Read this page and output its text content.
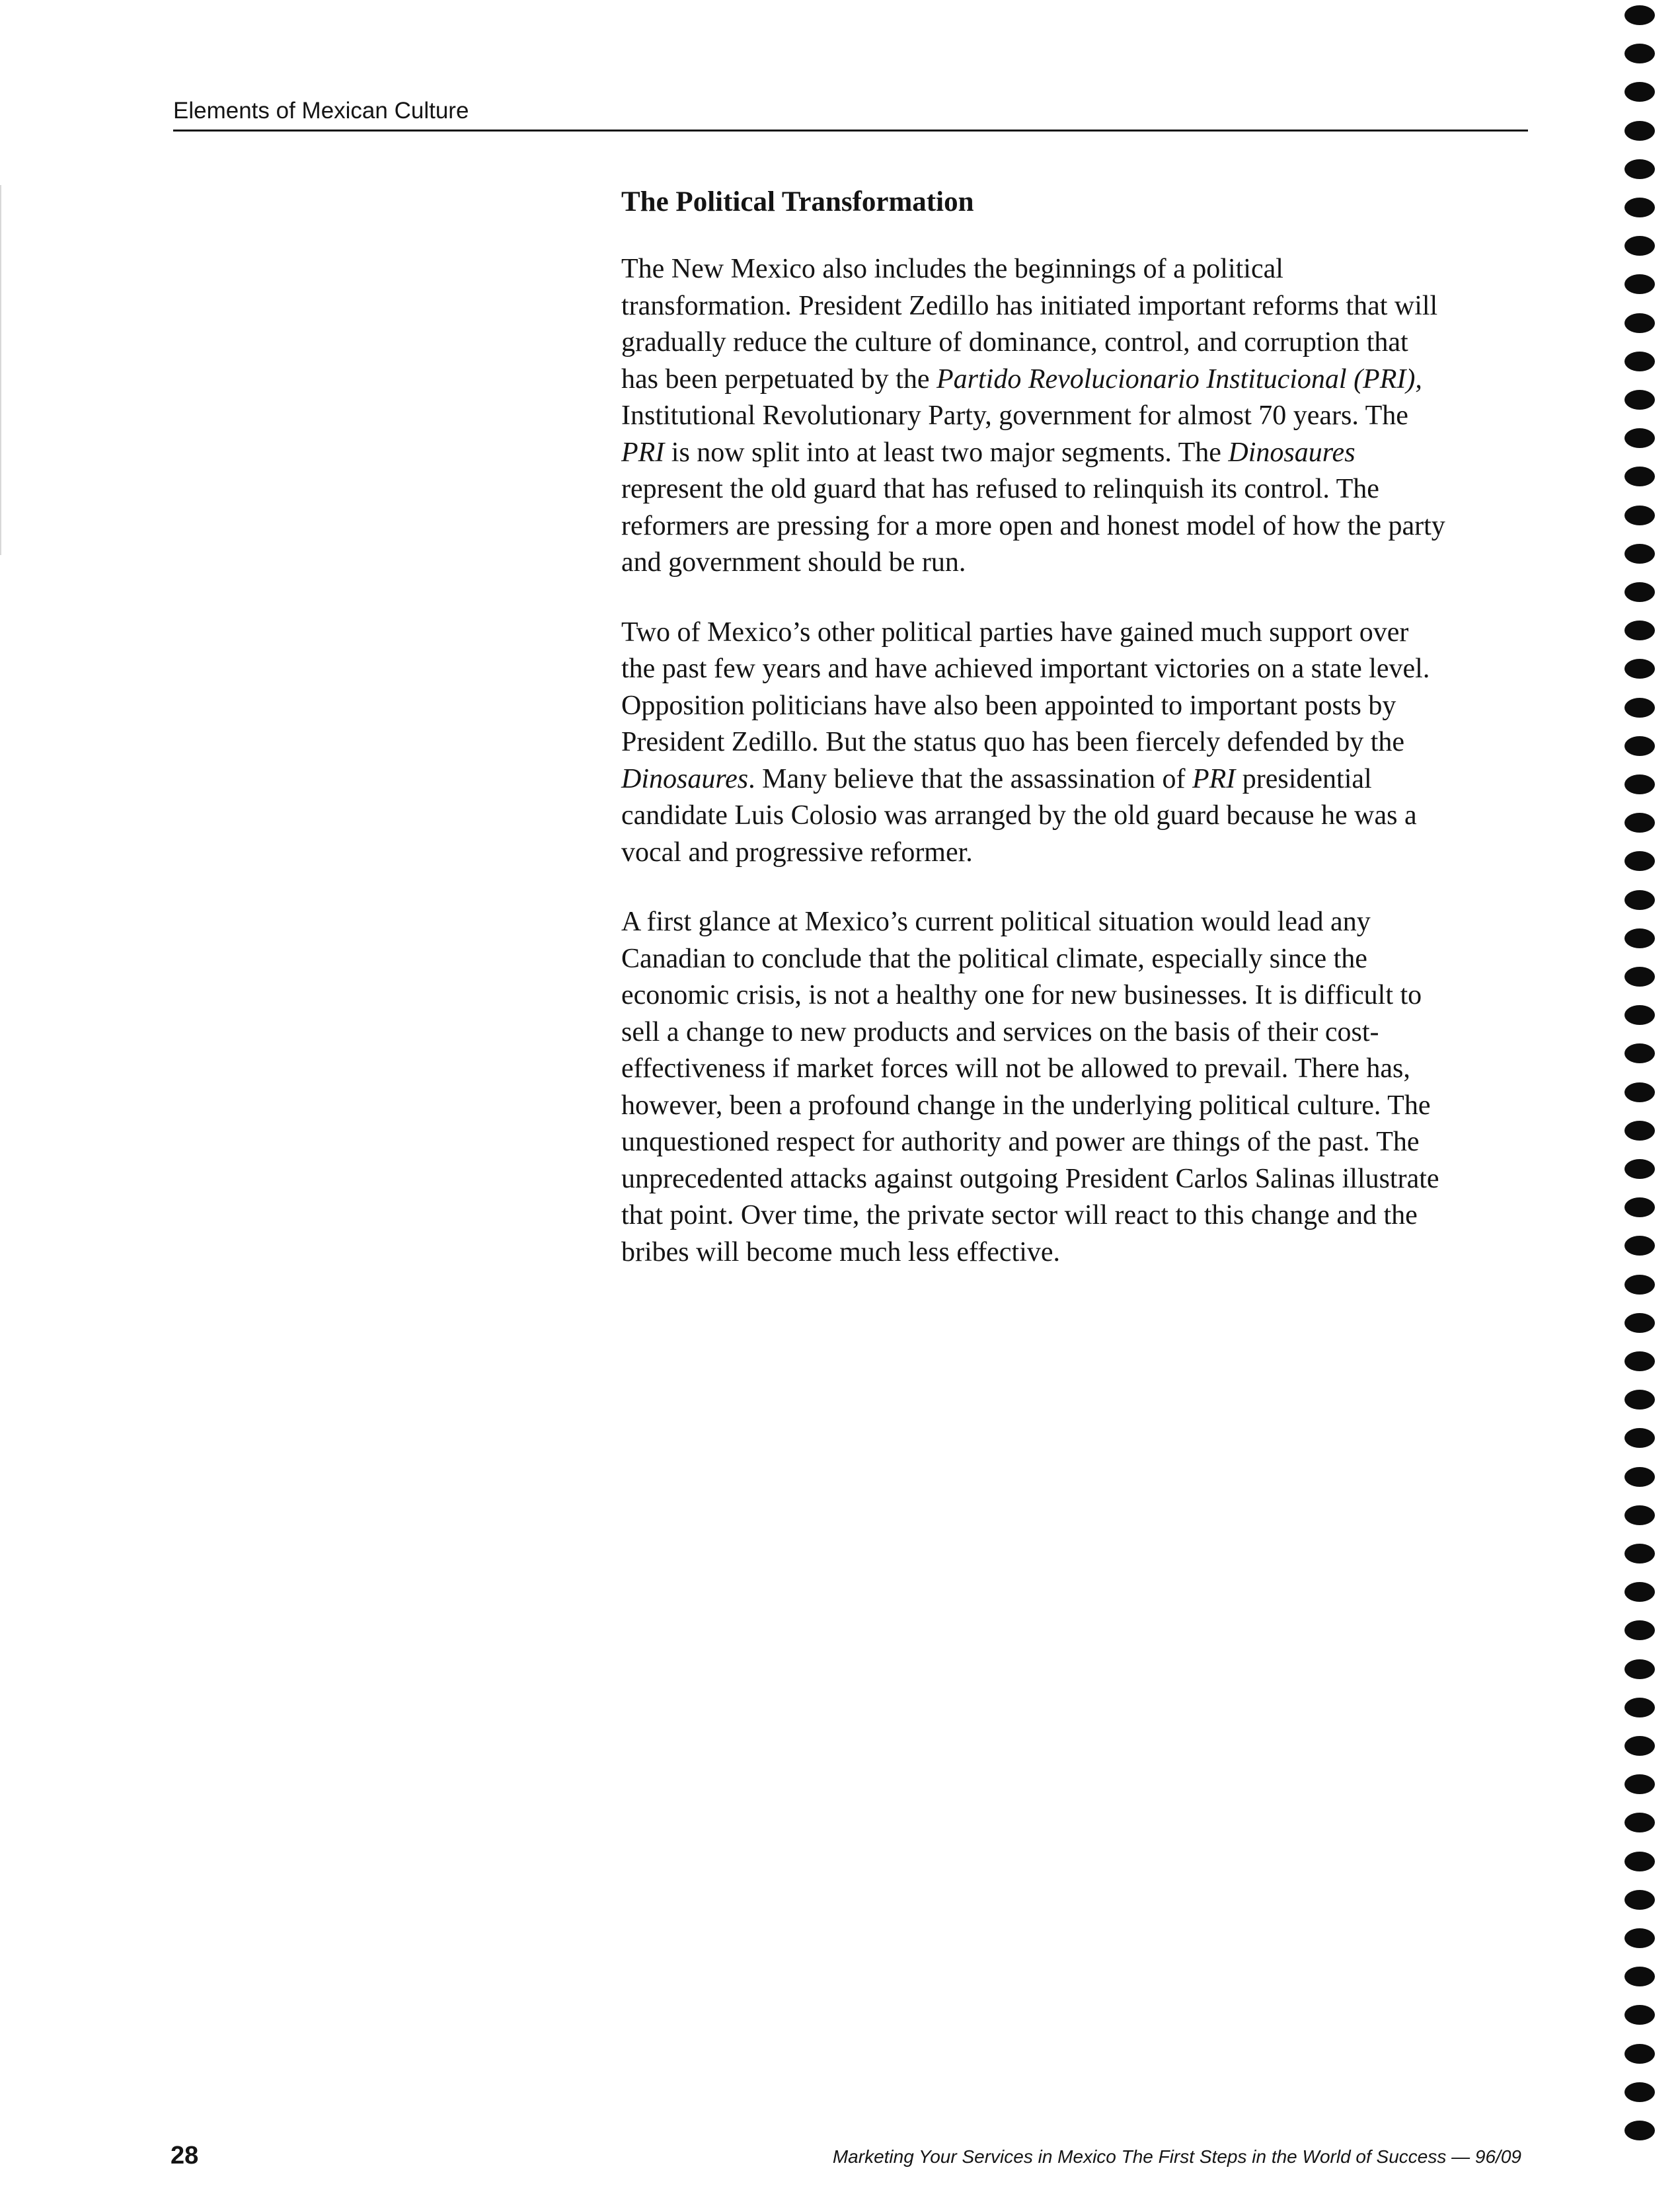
Elements of Mexican Culture
The Political Transformation

The New Mexico also includes the beginnings of a political
transformation. President Zedillo has initiated important reforms that will
gradually reduce the culture of dominance, control, and corruption that
has been perpetuated by the Partido Revolucionario Institucional (PRI),
Institutional Revolutionary Party, government for almost 70 years. The
PRI is now split into at least two major segments. The Dinosaures
represent the old guard that has refused to relinquish its control. The
reformers are pressing for a more open and honest model of how the party
and government should be run.

Two of Mexico’s other political parties have gained much support over
the past few years and have achieved important victories on a state level.
Opposition politicians have also been appointed to important posts by
President Zedillo. But the status quo has been fiercely defended by the
Dinosaures. Many believe that the assassination of PRI presidential
candidate Luis Colosio was arranged by the old guard because he was a
vocal and progressive reformer.

A first glance at Mexico’s current political situation would lead any
Canadian to conclude that the political climate, especially since the
economic crisis, is not a healthy one for new businesses. It is difficult to
sell a change to new products and services on the basis of their cost-
effectiveness if market forces will not be allowed to prevail. There has,
however, been a profound change in the underlying political culture. The
unquestioned respect for authority and power are things of the past. The
unprecedented attacks against outgoing President Carlos Salinas illustrate
that point. Over time, the private sector will react to this change and the
bribes will become much less effective.

28	Marketing Your Services in Mexico The First Steps in the World of Success — 96/09
